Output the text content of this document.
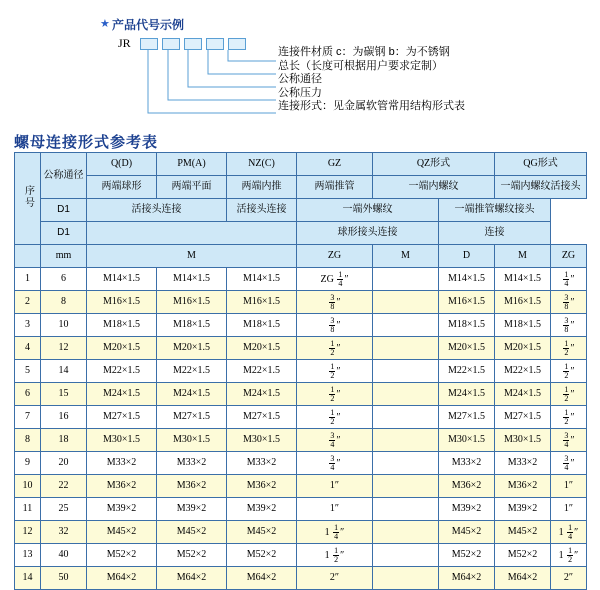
★ 产品代号示例
JR
连接件材质 c：为碳钢 b：为不锈钢
总长（长度可根据用户要求定制）
公称通径
公称压力
连接形式：见金属软管常用结构形式表
螺母连接形式参考表
序号	公称通径	Q(D)	PM(A)	NZ(C)	GZ	QZ形式		QG形式	
		两端球形	两端平面	两端内推	两端推管	一端内螺纹		一端内螺纹活接头	
	D1	活接头连接		活接头连接	一端外螺纹		一端推管螺纹接头		
	D1				球形接头连接		连接		
	mm	M			ZG	M	D	M	ZG
1	6	M14×1.5	M14×1.5	M14×1.5	ZG $\frac{1}{4}$ ″		M14×1.5	M14×1.5	$\frac{1}{4}$ ″
2	8	M16×1.5	M16×1.5	M16×1.5	$\frac{3}{8}$ ″		M16×1.5	M16×1.5	$\frac{3}{8}$ ″
3	10	M18×1.5	M18×1.5	M18×1.5	$\frac{3}{8}$ ″		M18×1.5	M18×1.5	$\frac{3}{8}$ ″
4	12	M20×1.5	M20×1.5	M20×1.5	$\frac{1}{2}$ ″		M20×1.5	M20×1.5	$\frac{1}{2}$ ″
5	14	M22×1.5	M22×1.5	M22×1.5	$\frac{1}{2}$ ″		M22×1.5	M22×1.5	$\frac{1}{2}$ ″
6	15	M24×1.5	M24×1.5	M24×1.5	$\frac{1}{2}$ ″		M24×1.5	M24×1.5	$\frac{1}{2}$ ″
7	16	M27×1.5	M27×1.5	M27×1.5	$\frac{1}{2}$ ″		M27×1.5	M27×1.5	$\frac{1}{2}$ ″
8	18	M30×1.5	M30×1.5	M30×1.5	$\frac{3}{4}$ ″		M30×1.5	M30×1.5	$\frac{3}{4}$ ″
9	20	M33×2	M33×2	M33×2	$\frac{3}{4}$ ″		M33×2	M33×2	$\frac{3}{4}$ ″
10	22	M36×2	M36×2	M36×2	1″		M36×2	M36×2	1″
11	25	M39×2	M39×2	M39×2	1″		M39×2	M39×2	1″
12	32	M45×2	M45×2	M45×2	$1 \frac{1}{4}$ ″		M45×2	M45×2	$1 \frac{1}{4}$ ″
13	40	M52×2	M52×2	M52×2	$1 \frac{1}{2}$ ″		M52×2	M52×2	$1 \frac{1}{2}$ ″
14	50	M64×2	M64×2	M64×2	2″		M64×2	M64×2	2″
